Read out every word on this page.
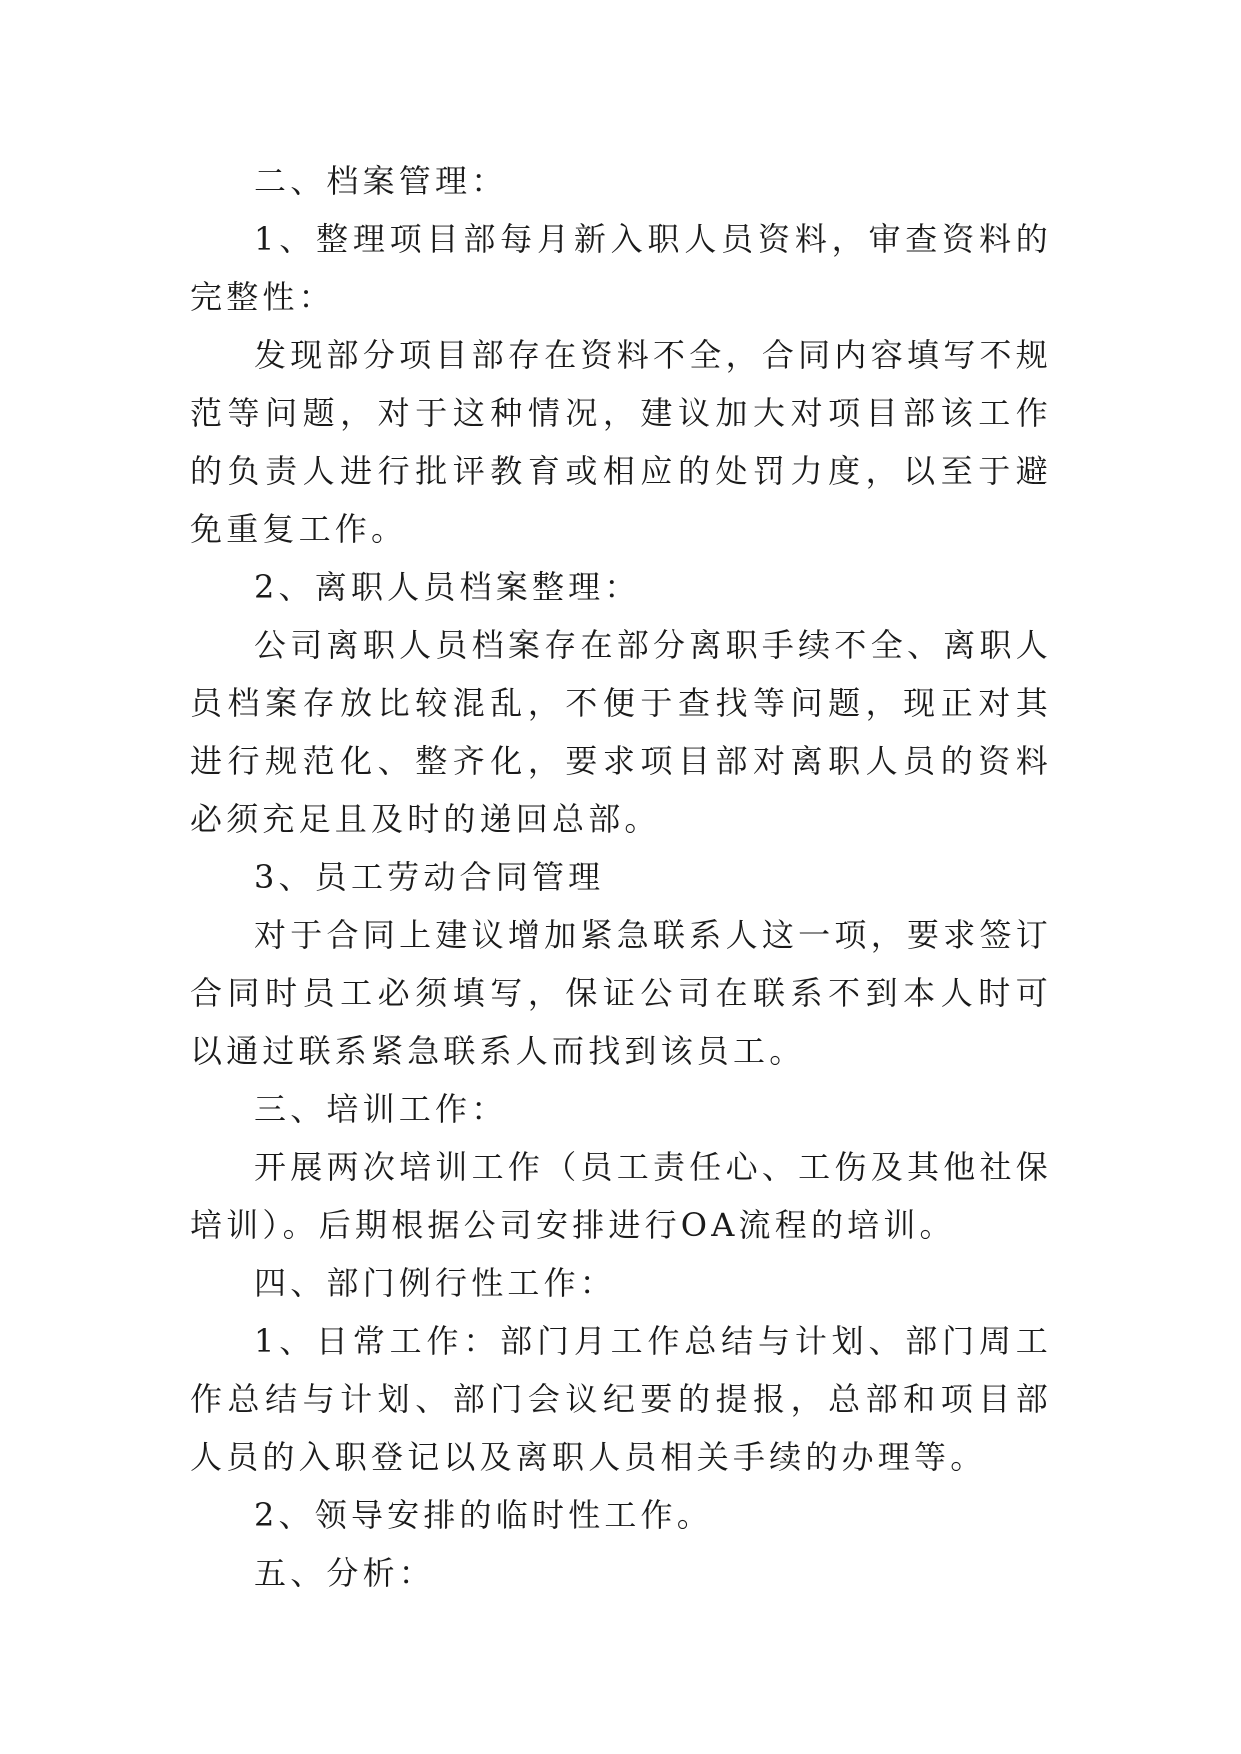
二、档案管理：

1、整理项目部每月新入职人员资料，审查资料的完整性：

发现部分项目部存在资料不全，合同内容填写不规范等问题，对于这种情况，建议加大对项目部该工作的负责人进行批评教育或相应的处罚力度，以至于避免重复工作。

2、离职人员档案整理：

公司离职人员档案存在部分离职手续不全、离职人员档案存放比较混乱，不便于查找等问题，现正对其进行规范化、整齐化，要求项目部对离职人员的资料必须充足且及时的递回总部。

3、员工劳动合同管理

对于合同上建议增加紧急联系人这一项，要求签订合同时员工必须填写，保证公司在联系不到本人时可以通过联系紧急联系人而找到该员工。

三、培训工作：

开展两次培训工作（员工责任心、工伤及其他社保培训）。后期根据公司安排进行OA流程的培训。

四、部门例行性工作：

1、日常工作：部门月工作总结与计划、部门周工作总结与计划、部门会议纪要的提报，总部和项目部人员的入职登记以及离职人员相关手续的办理等。

2、领导安排的临时性工作。

五、分析：
